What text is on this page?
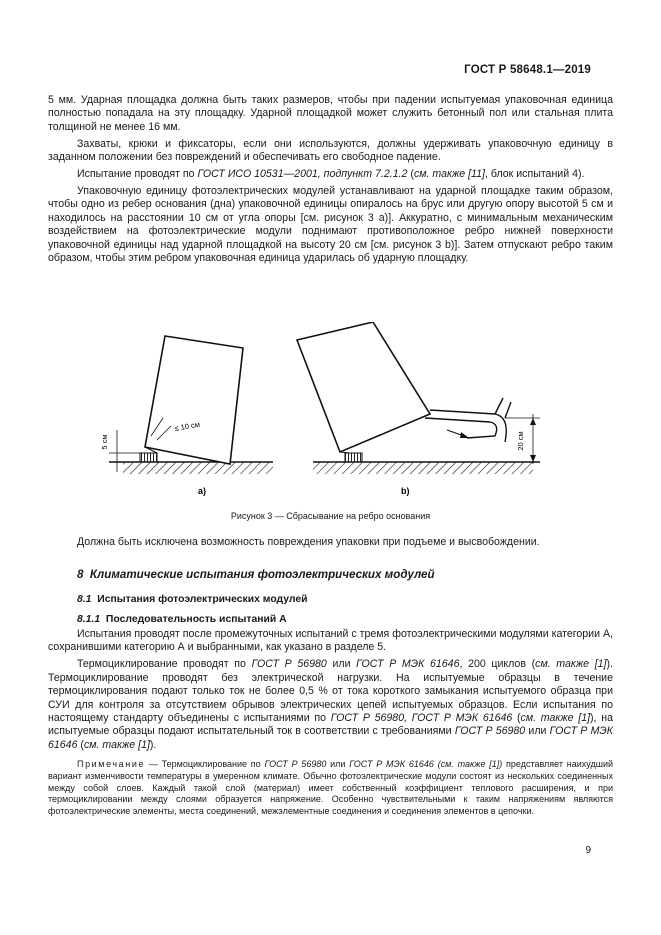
ГОСТ Р 58648.1—2019

5 мм. Ударная площадка должна быть таких размеров, чтобы при падении испытуемая упаковочная единица полностью попадала на эту площадку. Ударной площадкой может служить бетонный пол или стальная плита толщиной не менее 16 мм.

Захваты, крюки и фиксаторы, если они используются, должны удерживать упаковочную единицу в заданном положении без повреждений и обеспечивать его свободное падение.

Испытание проводят по ГОСТ ИСО 10531—2001, подпункт 7.2.1.2 (см. также [11], блок испытаний 4).

Упаковочную единицу фотоэлектрических модулей устанавливают на ударной площадке таким образом, чтобы одно из ребер основания (дна) упаковочной единицы опиралось на брус или другую опору высотой 5 см и находилось на расстоянии 10 см от угла опоры [см. рисунок 3 a)]. Аккуратно, с минимальным механическим воздействием на фотоэлектрические модули поднимают противоположное ребро нижней поверхности упаковочной единицы над ударной площадкой на высоту 20 см [см. рисунок 3 b)]. Затем отпускают ребро таким образом, чтобы этим ребром упаковочная единица ударилась об ударную площадку.

5 см
≤ 10 см
a)
20 см
b)
Рисунок 3 — Сбрасывание на ребро основания
Должна быть исключена возможность повреждения упаковки при подъеме и высвобождении.
8 Климатические испытания фотоэлектрических модулей
8.1 Испытания фотоэлектрических модулей
8.1.1 Последовательность испытаний А

Испытания проводят после промежуточных испытаний с тремя фотоэлектрическими модулями категории А, сохранившими категорию А и выбранными, как указано в разделе 5.

Термоциклирование проводят по ГОСТ Р 56980 или ГОСТ Р МЭК 61646, 200 циклов (см. также [1]). Термоциклирование проводят без электрической нагрузки. На испытуемые образцы в течение термоциклирования подают только ток не более 0,5 % от тока короткого замыкания испытуемого образца при СУИ для контроля за отсутствием обрывов электрических цепей испытуемых образцов. Если испытания по настоящему стандарту объединены с испытаниями по ГОСТ Р 56980, ГОСТ Р МЭК 61646 (см. также [1]), на испытуемые образцы подают испытательный ток в соответствии с требованиями ГОСТ Р 56980 или ГОСТ Р МЭК 61646 (см. также [1]).

Примечание — Термоциклирование по ГОСТ Р 56980 или ГОСТ Р МЭК 61646 (см. также [1]) представляет наихудший вариант изменчивости температуры в умеренном климате. Обычно фотоэлектрические модули состоят из нескольких соединенных между собой слоев. Каждый такой слой (материал) имеет собственный коэффициент теплового расширения, и при термоциклировании между слоями образуется напряжение. Особенно чувствительными к таким напряжениям являются фотоэлектрические элементы, места соединений, межэлементные соединения и соединения элементов в цепочки.
9
